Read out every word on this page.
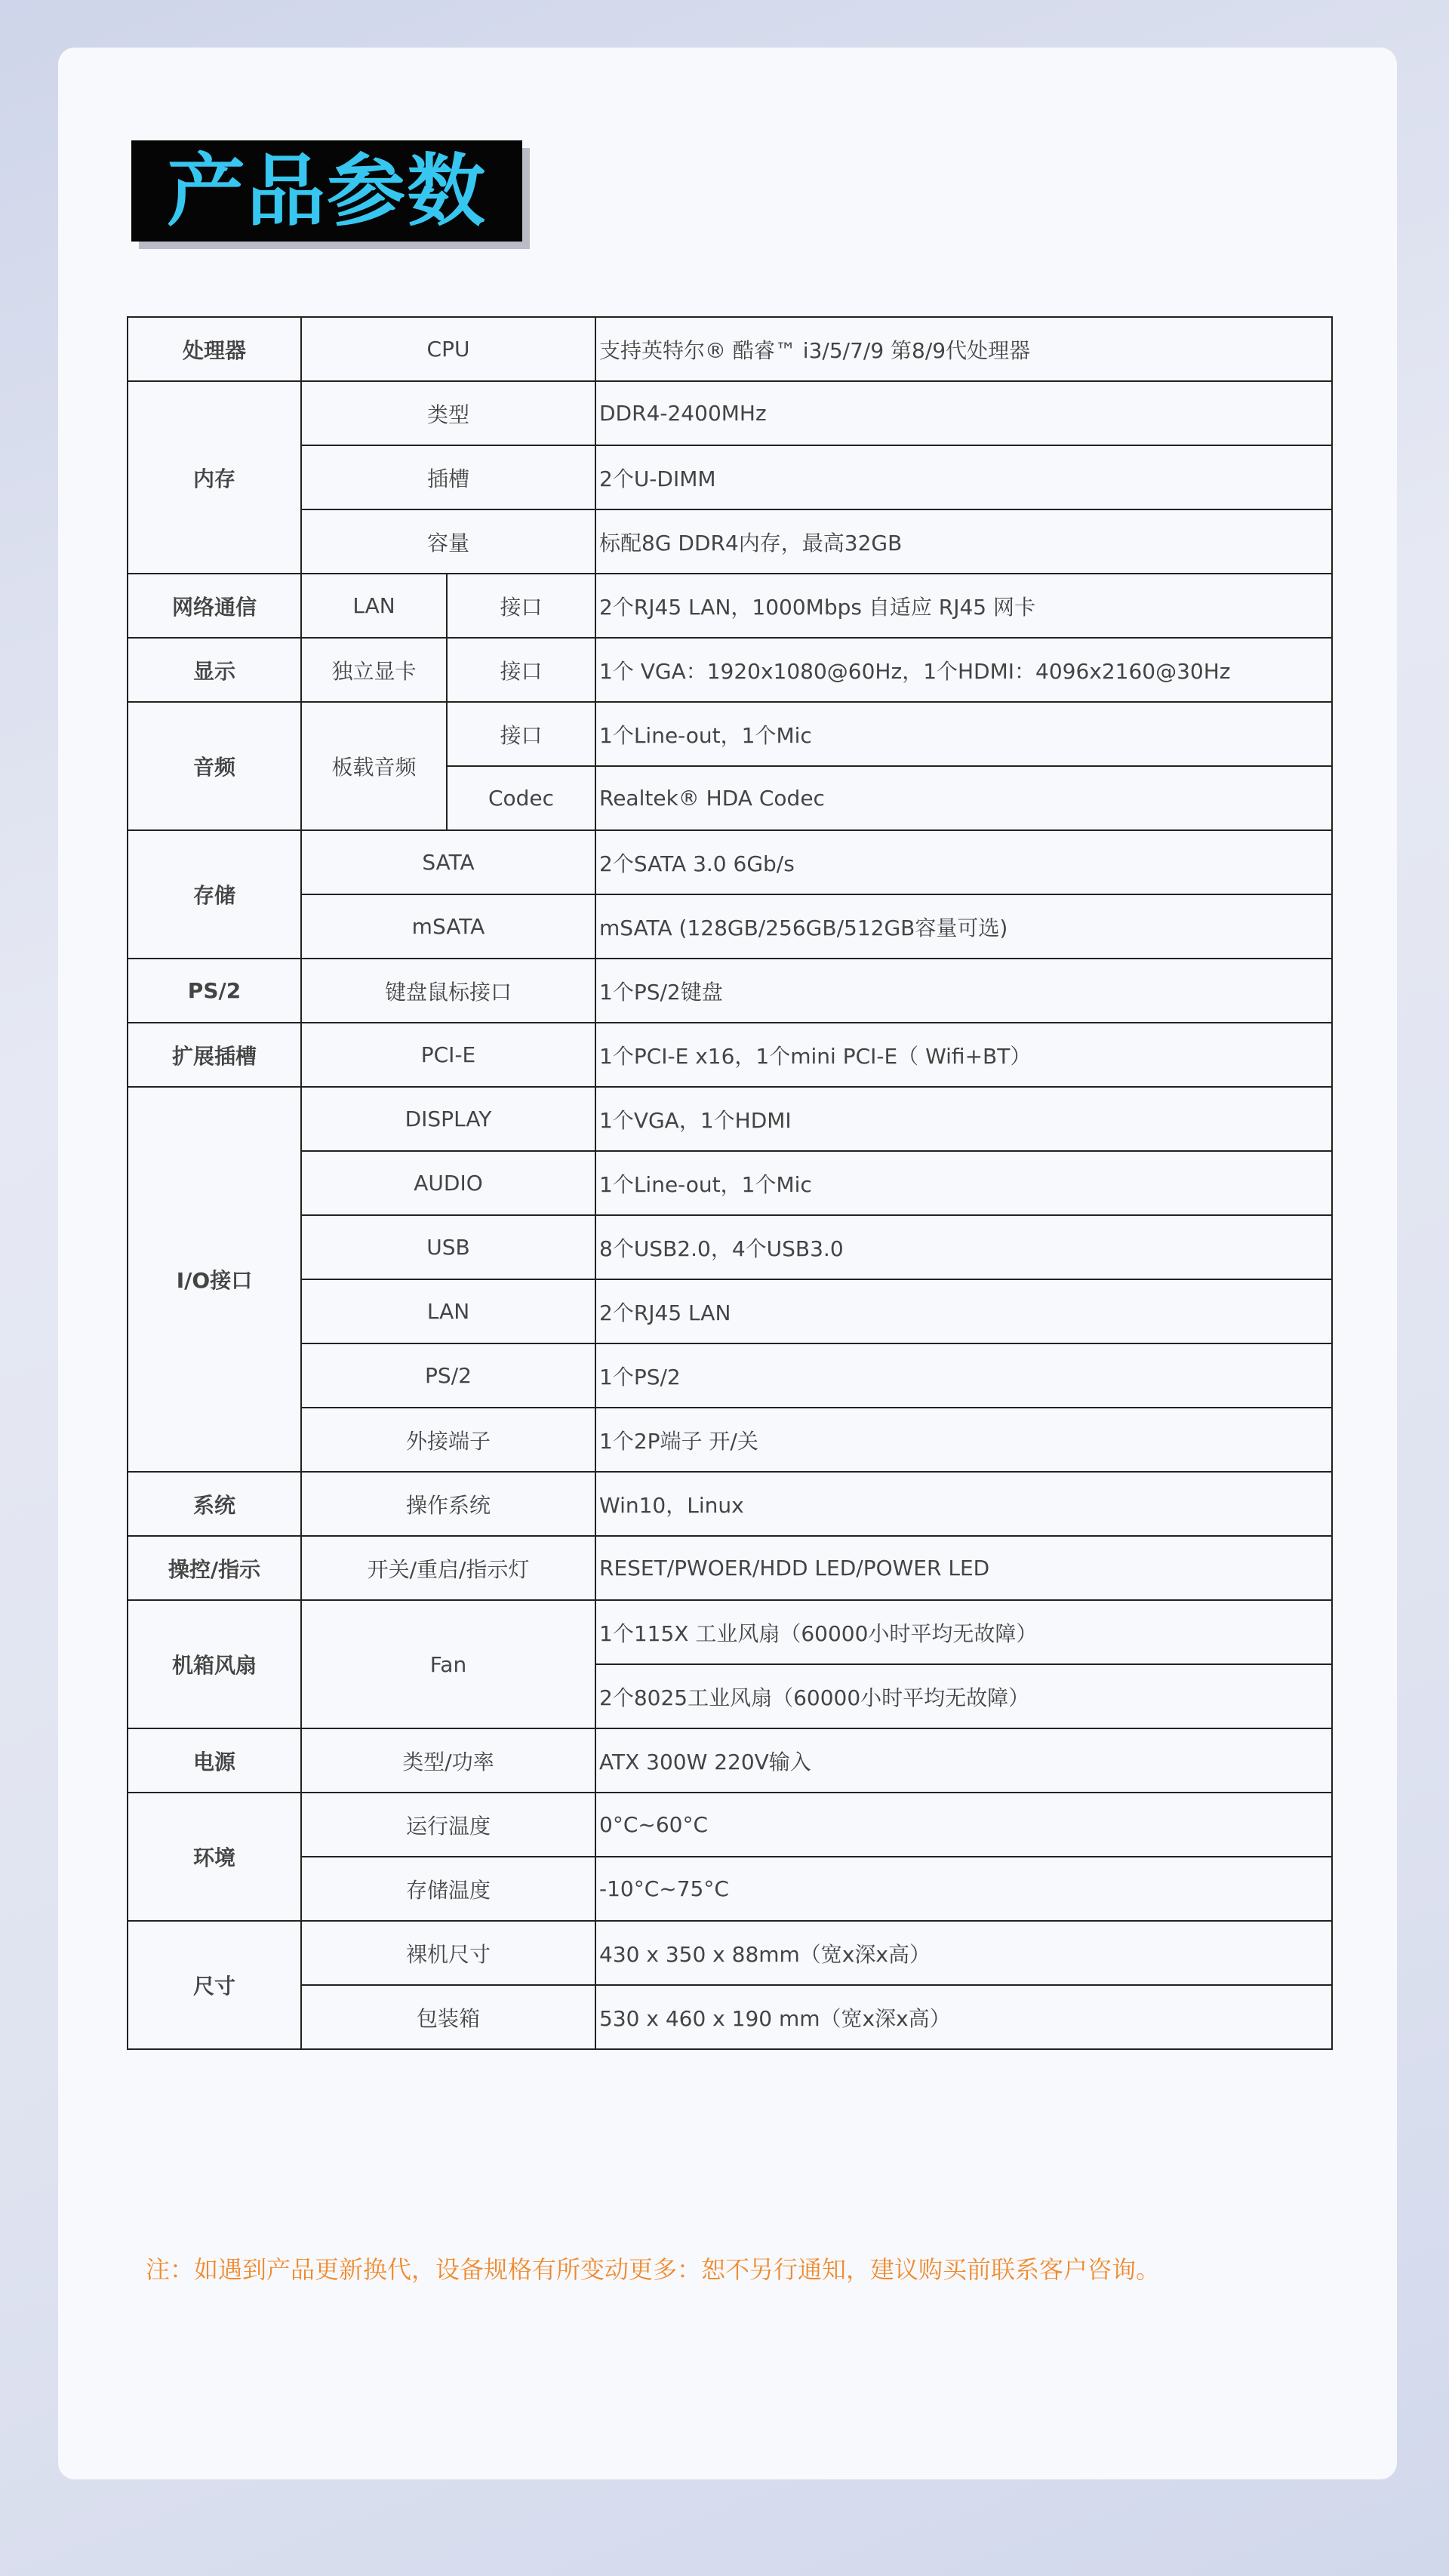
产品参数
处理器	CPU		支持英特尔® 酷睿™ i3/5/7/9 第8/9代处理器
内存	类型		DDR4-2400MHz
	插槽		2个U-DIMM
	容量		标配8G DDR4内存，最高32GB
网络通信	LAN	接口	2个RJ45 LAN，1000Mbps 自适应 RJ45 网卡
显示	独立显卡	接口	1个 VGA：1920x1080@60Hz，1个HDMI：4096x2160@30Hz
音频	板载音频	接口	1个Line-out，1个Mic
		Codec	Realtek® HDA Codec
存储	SATA		2个SATA 3.0 6Gb/s
	mSATA		mSATA (128GB/256GB/512GB容量可选)
PS/2	键盘鼠标接口		1个PS/2键盘
扩展插槽	PCI-E		1个PCI-E x16，1个mini PCI-E（ Wifi+BT）
I/O接口	DISPLAY		1个VGA，1个HDMI
	AUDIO		1个Line-out，1个Mic
	USB		8个USB2.0，4个USB3.0
	LAN		2个RJ45 LAN
	PS/2		1个PS/2
	外接端子		1个2P端子 开/关
系统	操作系统		Win10，Linux
操控/指示	开关/重启/指示灯		RESET/PWOER/HDD LED/POWER LED
机箱风扇	Fan		1个115X 工业风扇（60000小时平均无故障）
			2个8025工业风扇（60000小时平均无故障）
电源	类型/功率		ATX 300W 220V输入
环境	运行温度		0°C~60°C
	存储温度		-10°C~75°C
尺寸	裸机尺寸		430 x 350 x 88mm（宽x深x高）
	包装箱		530 x 460 x 190 mm（宽x深x高）
注：如遇到产品更新换代，设备规格有所变动更多：恕不另行通知，建议购买前联系客户咨询。
